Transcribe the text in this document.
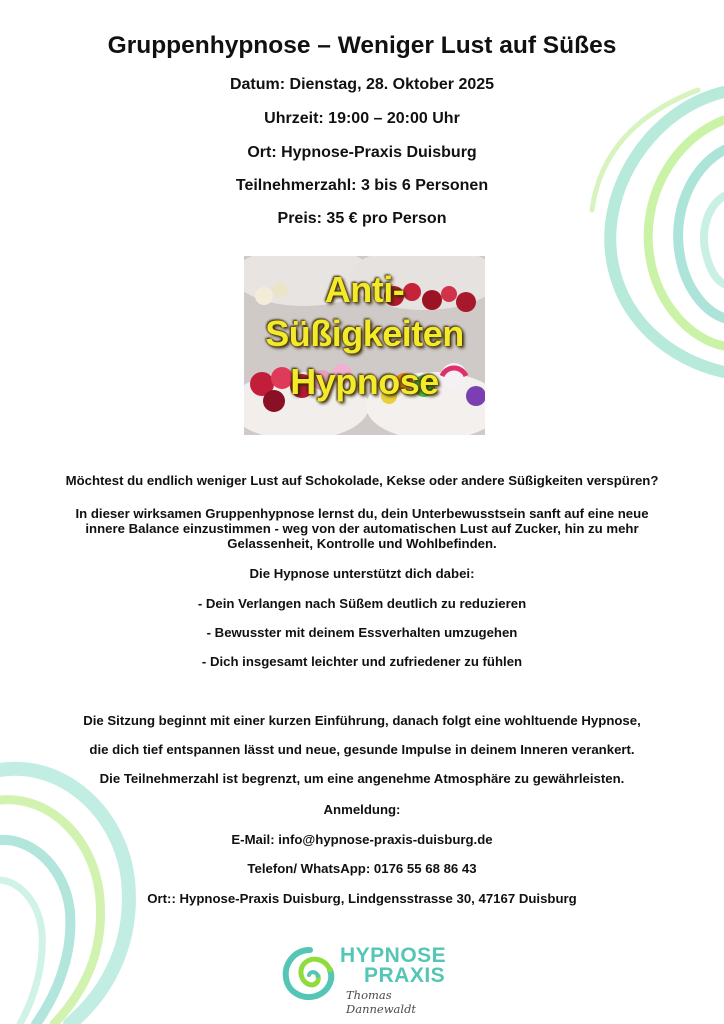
Gruppenhypnose – Weniger Lust auf Süßes

Datum: Dienstag, 28. Oktober 2025

Uhrzeit: 19:00 – 20:00 Uhr

Ort: Hypnose-Praxis Duisburg

Teilnehmerzahl: 3 bis 6 Personen

Preis: 35 € pro Person

Anti-
Süßigkeiten
Hypnose

Möchtest du endlich weniger Lust auf Schokolade, Kekse oder andere Süßigkeiten verspüren?

In dieser wirksamen Gruppenhypnose lernst du, dein Unterbewusstsein sanft auf eine neue

innere Balance einzustimmen - weg von der automatischen Lust auf Zucker, hin zu mehr

Gelassenheit, Kontrolle und Wohlbefinden.

Die Hypnose unterstützt dich dabei:

- Dein Verlangen nach Süßem deutlich zu reduzieren

- Bewusster mit deinem Essverhalten umzugehen

- Dich insgesamt leichter und zufriedener zu fühlen

Die Sitzung beginnt mit einer kurzen Einführung, danach folgt eine wohltuende Hypnose,

die dich tief entspannen lässt und neue, gesunde Impulse in deinem Inneren verankert.

Die Teilnehmerzahl ist begrenzt, um eine angenehme Atmosphäre zu gewährleisten.

Anmeldung:

E-Mail: info@hypnose-praxis-duisburg.de

Telefon/ WhatsApp: 0176 55 68 86 43

Ort:: Hypnose-Praxis Duisburg, Lindgensstrasse 30, 47167 Duisburg

HYPNOSE
PRAXIS
Thomas Dannewaldt
